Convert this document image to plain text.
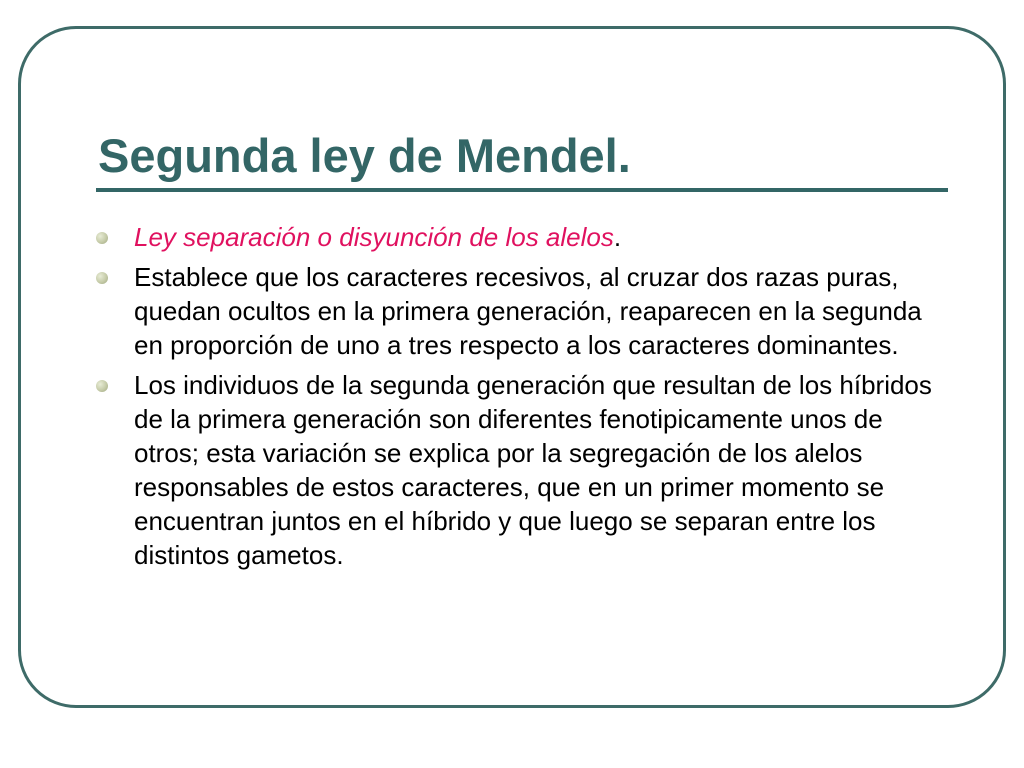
Segunda ley de Mendel.
Ley separación o disyunción de los alelos.
Establece que los caracteres recesivos, al cruzar dos razas puras, quedan ocultos en la primera generación, reaparecen en la segunda en proporción de uno a tres respecto a los caracteres dominantes.
Los individuos de la segunda generación que resultan de los híbridos de la primera generación son diferentes fenotipicamente unos de otros; esta variación se explica por la segregación de los alelos responsables de estos caracteres, que en un primer momento se encuentran juntos en el híbrido y que luego se separan entre los distintos gametos.
